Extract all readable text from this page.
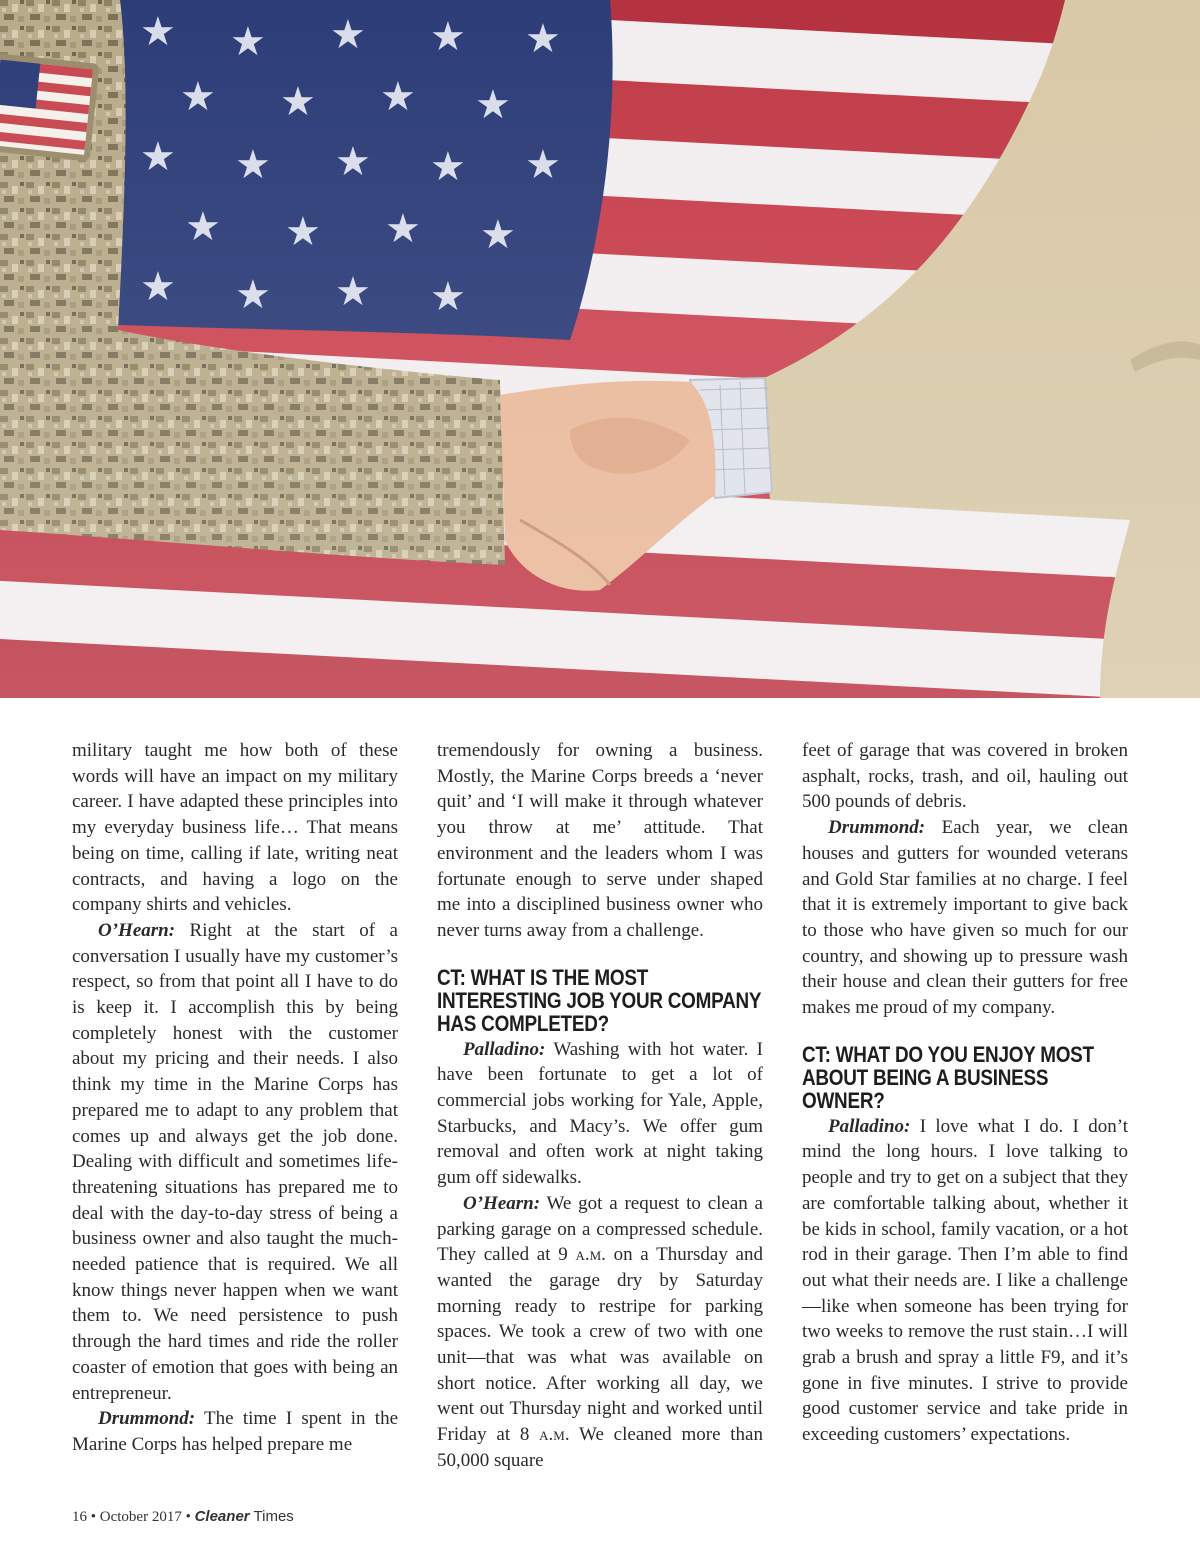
military taught me how both of these words will have an impact on my military career. I have adapted these principles into my everyday business life… That means being on time, calling if late, writing neat contracts, and having a logo on the company shirts and vehicles.

O’Hearn: Right at the start of a conversation I usually have my customer’s respect, so from that point all I have to do is keep it. I accomplish this by being completely honest with the customer about my pricing and their needs. I also think my time in the Marine Corps has prepared me to adapt to any problem that comes up and always get the job done. Dealing with difficult and sometimes life-threatening situations has prepared me to deal with the day-to-day stress of being a business owner and also taught the much-needed patience that is required. We all know things never happen when we want them to. We need persistence to push through the hard times and ride the roller coaster of emotion that goes with being an entrepreneur.

Drummond: The time I spent in the Marine Corps has helped prepare me

tremendously for owning a business. Mostly, the Marine Corps breeds a ‘never quit’ and ‘I will make it through whatever you throw at me’ attitude. That environment and the leaders whom I was fortunate enough to serve under shaped me into a disciplined business owner who never turns away from a challenge.

CT: WHAT IS THE MOST INTERESTING JOB YOUR COMPANY HAS COMPLETED?

Palladino: Washing with hot water. I have been fortunate to get a lot of commercial jobs working for Yale, Apple, Starbucks, and Macy’s. We offer gum removal and often work at night taking gum off sidewalks.

O’Hearn: We got a request to clean a parking garage on a compressed schedule. They called at 9 a.m. on a Thursday and wanted the garage dry by Saturday morning ready to restripe for parking spaces. We took a crew of two with one unit—that was what was available on short notice. After working all day, we went out Thursday night and worked until Friday at 8 a.m. We cleaned more than 50,000 square

feet of garage that was covered in broken asphalt, rocks, trash, and oil, hauling out 500 pounds of debris.

Drummond: Each year, we clean houses and gutters for wounded veterans and Gold Star families at no charge. I feel that it is extremely important to give back to those who have given so much for our country, and showing up to pressure wash their house and clean their gutters for free makes me proud of my company.

CT: WHAT DO YOU ENJOY MOST ABOUT BEING A BUSINESS OWNER?

Palladino: I love what I do. I don’t mind the long hours. I love talking to people and try to get on a subject that they are comfortable talking about, whether it be kids in school, family vacation, or a hot rod in their garage. Then I’m able to find out what their needs are. I like a challenge—like when someone has been trying for two weeks to remove the rust stain…I will grab a brush and spray a little F9, and it’s gone in five minutes. I strive to provide good customer service and take pride in exceeding customers’ expectations.

16 • October 2017 • Cleaner Times
